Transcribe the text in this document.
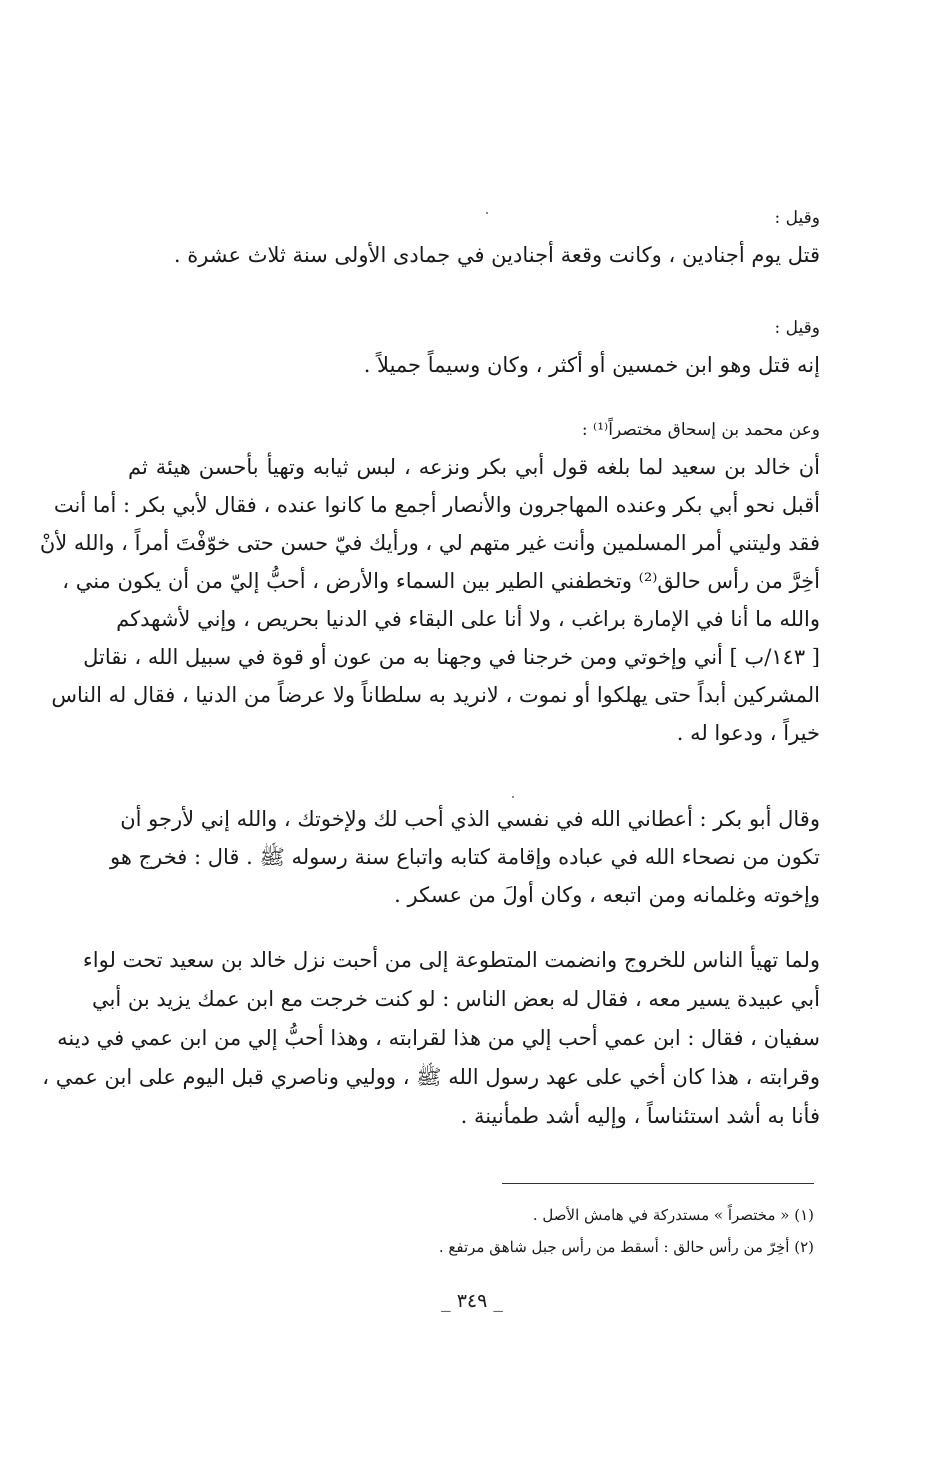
وقيل :
قتل يوم أجنادين ، وكانت وقعة أجنادين في جمادى الأولى سنة ثلاث عشرة .
وقيل :
إنه قتل وهو ابن خمسين أو أكثر ، وكان وسيماً جميلاً .
وعن محمد بن إسحاق مختصراً⁽¹⁾ :
أن خالد بن سعيد لما بلغه قول أبي بكر ونزعه ، لبس ثيابه وتهيأ بأحسن هيئة ثم
أقبل نحو أبي بكر وعنده المهاجرون والأنصار أجمع ما كانوا عنده ، فقال لأبي بكر : أما أنت
فقد وليتني أمر المسلمين وأنت غير متهم لي ، ورأيك فيّ حسن حتى خوّفْتَ أمراً ، والله لأنْ
أخِرَّ من رأس حالق⁽²⁾ وتخطفني الطير بين السماء والأرض ، أحبُّ إليّ من أن يكون مني ،
والله ما أنا في الإمارة براغب ، ولا أنا على البقاء في الدنيا بحريص ، وإني لأشهدكم
[ ١٤٣/ب ] أني وإخوتي ومن خرجنا في وجهنا به من عون أو قوة في سبيل الله ، نقاتل
المشركين أبداً حتى يهلكوا أو نموت ، لانريد به سلطاناً ولا عرضاً من الدنيا ، فقال له الناس
خيراً ، ودعوا له .
وقال أبو بكر : أعطاني الله في نفسي الذي أحب لك ولإخوتك ، والله إني لأرجو أن
تكون من نصحاء الله في عباده وإقامة كتابه واتباع سنة رسوله ﷺ . قال : فخرج هو
وإخوته وغلمانه ومن اتبعه ، وكان أولَ من عسكر .
ولما تهيأ الناس للخروج وانضمت المتطوعة إلى من أحبت نزل خالد بن سعيد تحت لواء
أبي عبيدة يسير معه ، فقال له بعض الناس : لو كنت خرجت مع ابن عمك يزيد بن أبي
سفيان ، فقال : ابن عمي أحب إلي من هذا لقرابته ، وهذا أحبُّ إلي من ابن عمي في دينه
وقرابته ، هذا كان أخي على عهد رسول الله ﷺ ، ووليي وناصري قبل اليوم على ابن عمي ،
فأنا به أشد استئناساً ، وإليه أشد طمأنينة .
(١) « مختصراً » مستدركة في هامش الأصل .
(٢) أخِرّ من رأس حالق : أسقط من رأس جبل شاهق مرتفع .
_ ٣٤٩ _
